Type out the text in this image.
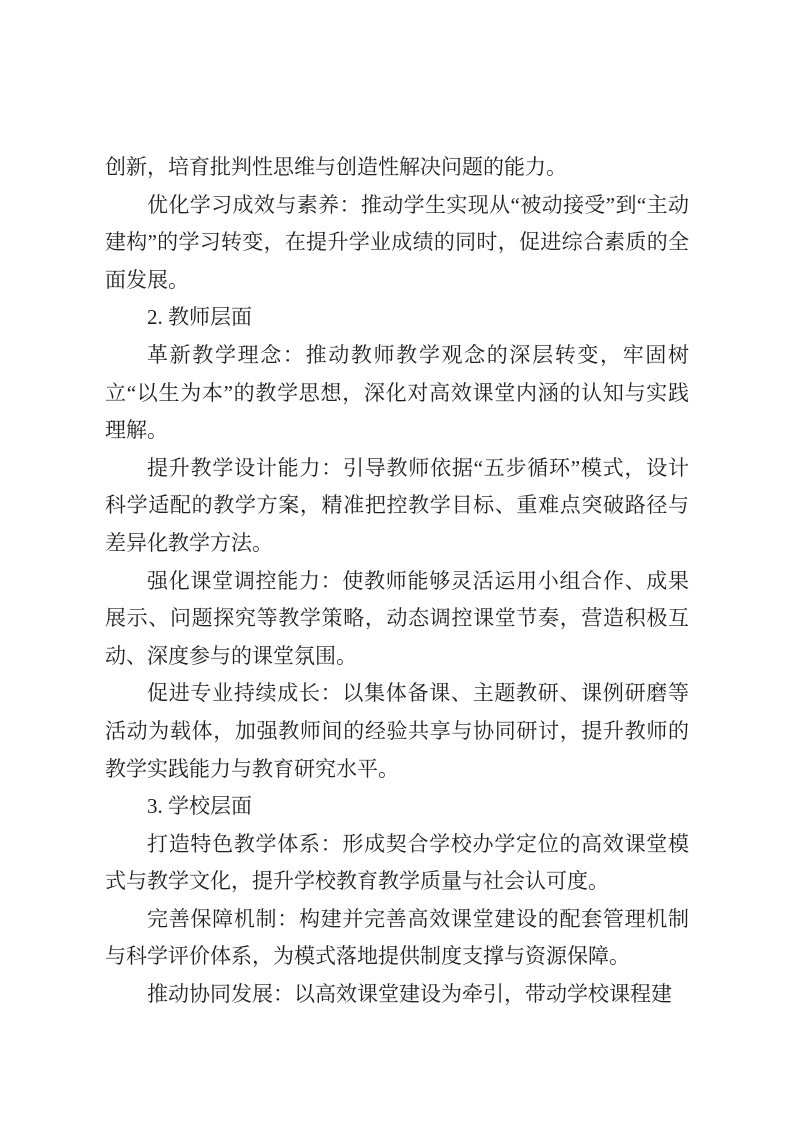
创新，培育批判性思维与创造性解决问题的能力。

优化学习成效与素养：推动学生实现从“被动接受”到“主动建构”的学习转变，在提升学业成绩的同时，促进综合素质的全面发展。

2. 教师层面

革新教学理念：推动教师教学观念的深层转变，牢固树立“以生为本”的教学思想，深化对高效课堂内涵的认知与实践理解。

提升教学设计能力：引导教师依据“五步循环”模式，设计科学适配的教学方案，精准把控教学目标、重难点突破路径与差异化教学方法。

强化课堂调控能力：使教师能够灵活运用小组合作、成果展示、问题探究等教学策略，动态调控课堂节奏，营造积极互动、深度参与的课堂氛围。

促进专业持续成长：以集体备课、主题教研、课例研磨等活动为载体，加强教师间的经验共享与协同研讨，提升教师的教学实践能力与教育研究水平。

3. 学校层面

打造特色教学体系：形成契合学校办学定位的高效课堂模式与教学文化，提升学校教育教学质量与社会认可度。

完善保障机制：构建并完善高效课堂建设的配套管理机制与科学评价体系，为模式落地提供制度支撑与资源保障。

推动协同发展：以高效课堂建设为牵引，带动学校课程建
